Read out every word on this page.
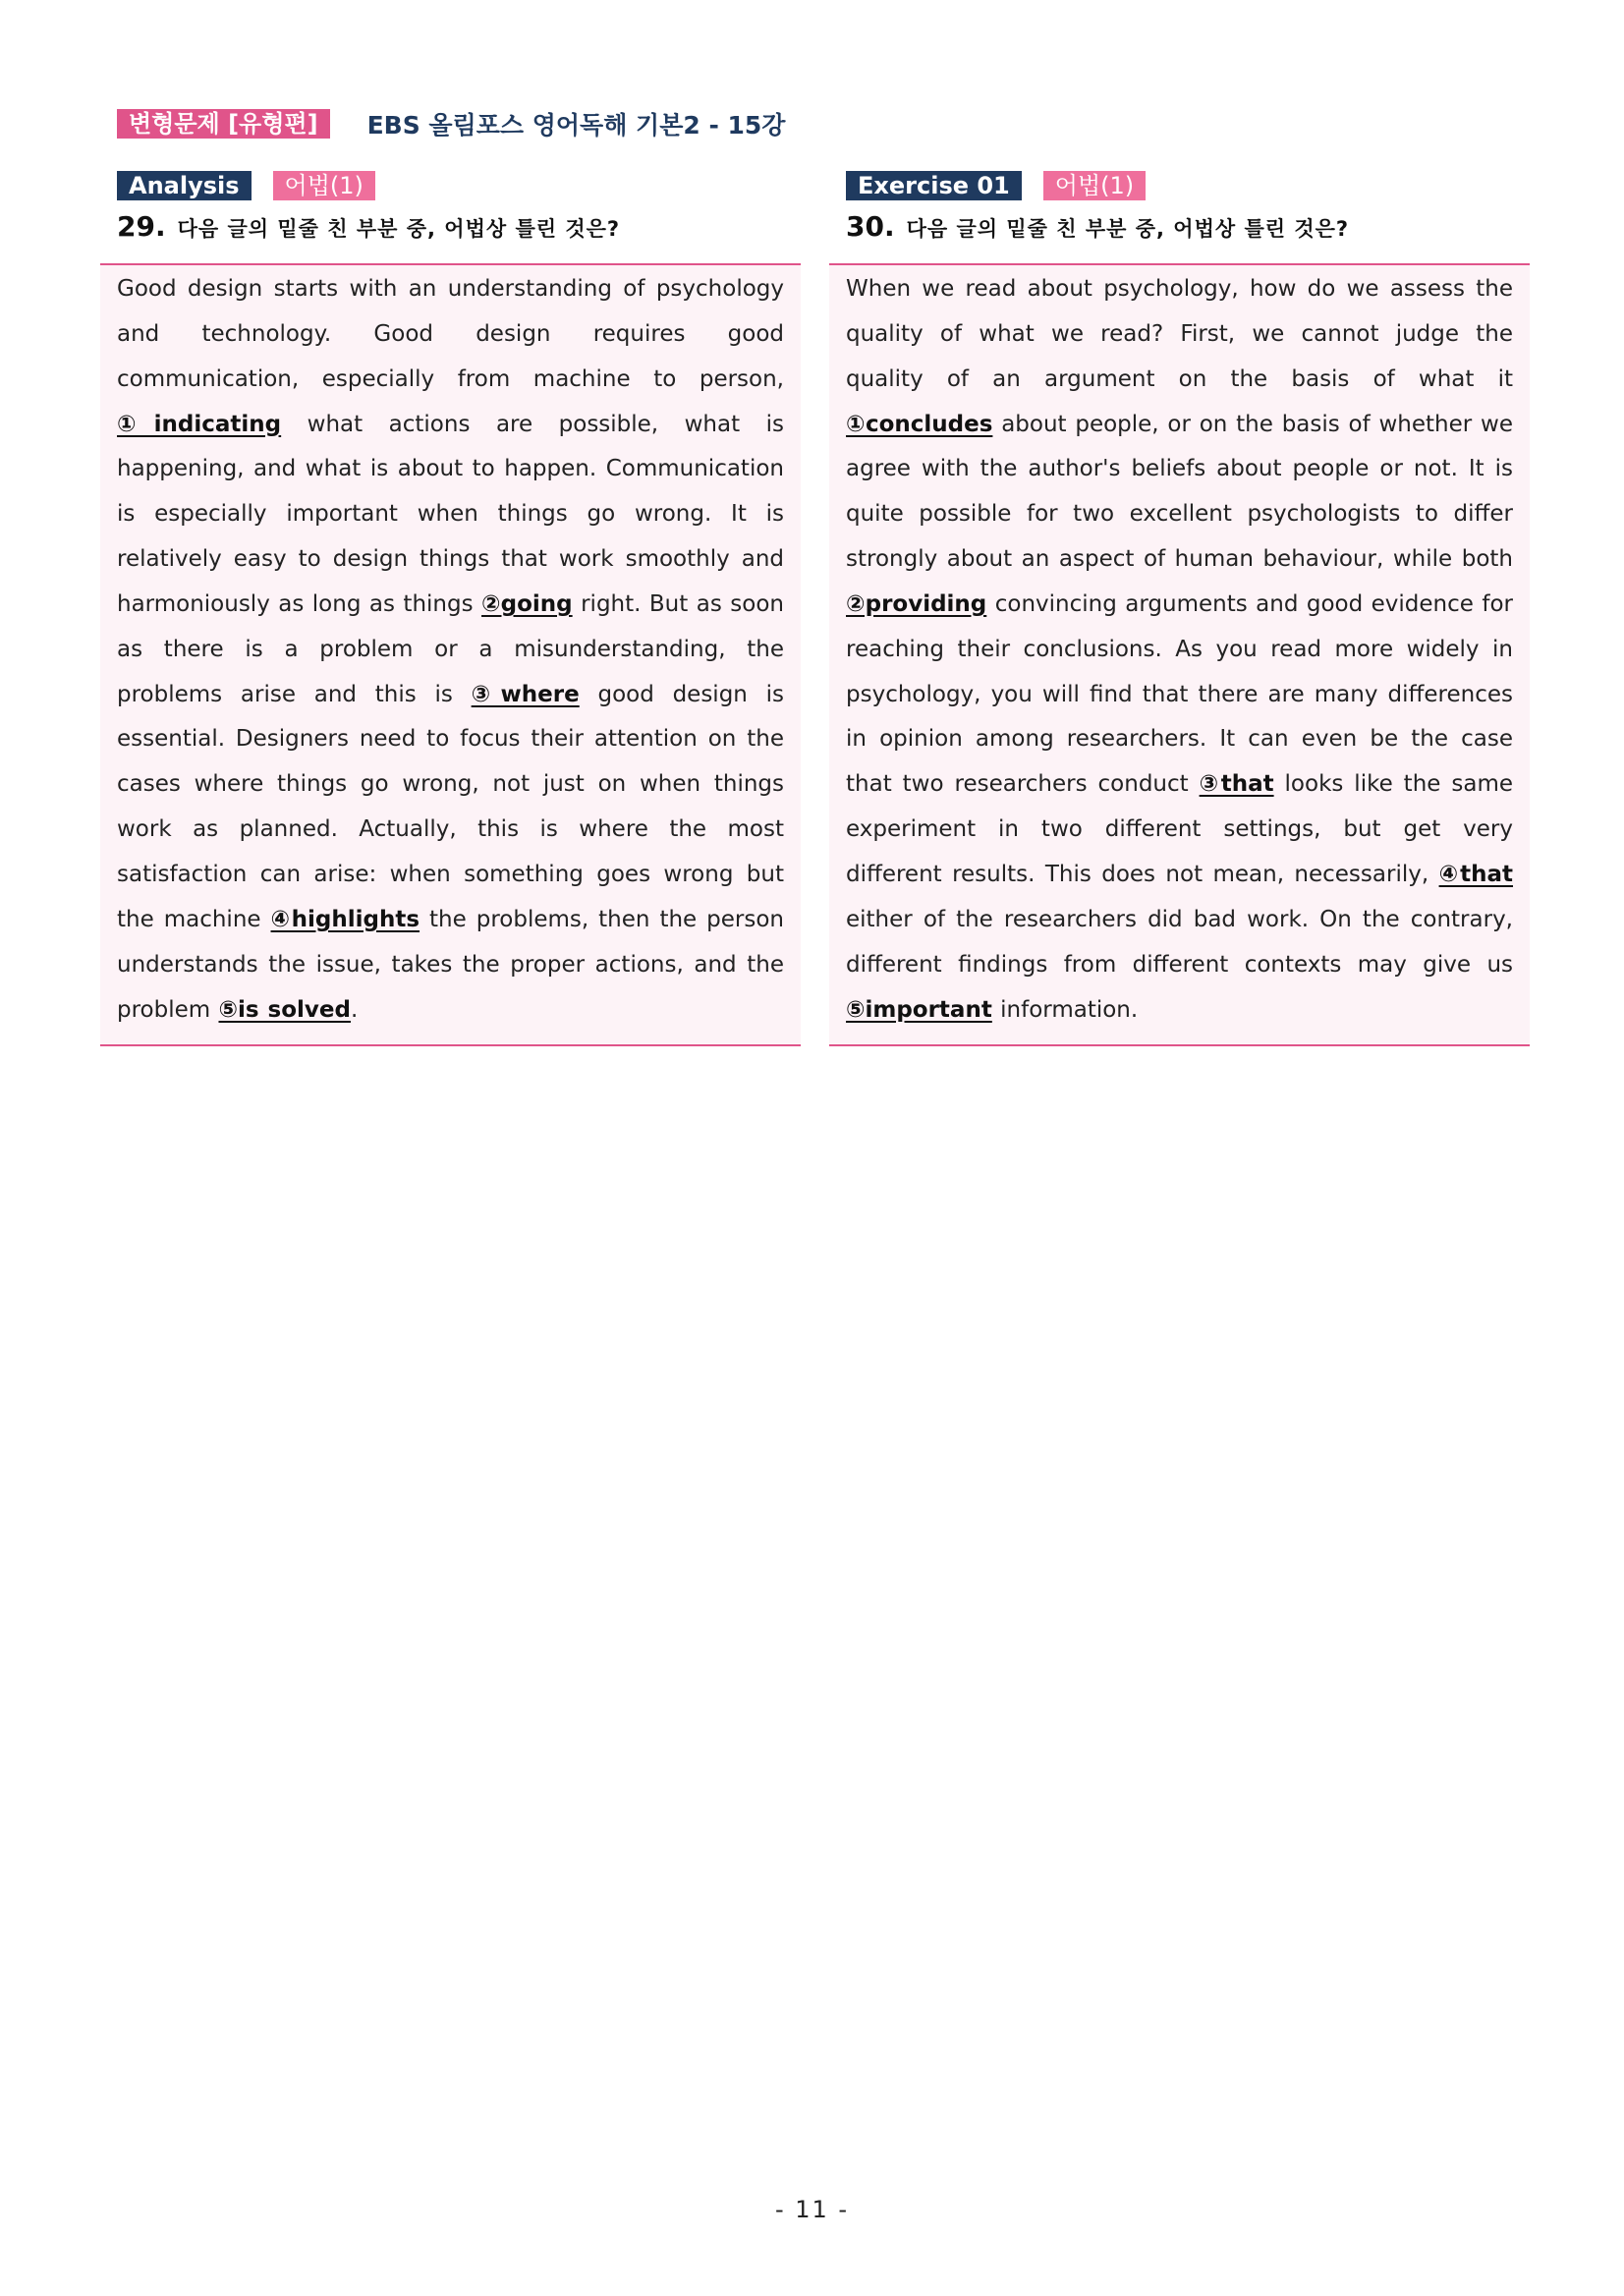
변형문제 [유형편]	EBS 올림포스 영어독해 기본2 - 15강
Analysis	어법(1)
29. 다음 글의 밑줄 친 부분 중, 어법상 틀린 것은?
Good design starts with an understanding of psychology and technology. Good design requires good communication, especially from machine to person, ①indicating what actions are possible, what is happening, and what is about to happen. Communication is especially important when things go wrong. It is relatively easy to design things that work smoothly and harmoniously as long as things ②going right. But as soon as there is a problem or a misunderstanding, the problems arise and this is ③where good design is essential. Designers need to focus their attention on the cases where things go wrong, not just on when things work as planned. Actually, this is where the most satisfaction can arise: when something goes wrong but the machine ④highlights the problems, then the person understands the issue, takes the proper actions, and the problem ⑤is solved.
Exercise 01	어법(1)
30. 다음 글의 밑줄 친 부분 중, 어법상 틀린 것은?
When we read about psychology, how do we assess the quality of what we read? First, we cannot judge the quality of an argument on the basis of what it ①concludes about people, or on the basis of whether we agree with the author's beliefs about people or not. It is quite possible for two excellent psychologists to differ strongly about an aspect of human behaviour, while both ②providing convincing arguments and good evidence for reaching their conclusions. As you read more widely in psychology, you will find that there are many differences in opinion among researchers. It can even be the case that two researchers conduct ③that looks like the same experiment in two different settings, but get very different results. This does not mean, necessarily, ④that either of the researchers did bad work. On the contrary, different findings from different contexts may give us ⑤important information.
- 11 -
